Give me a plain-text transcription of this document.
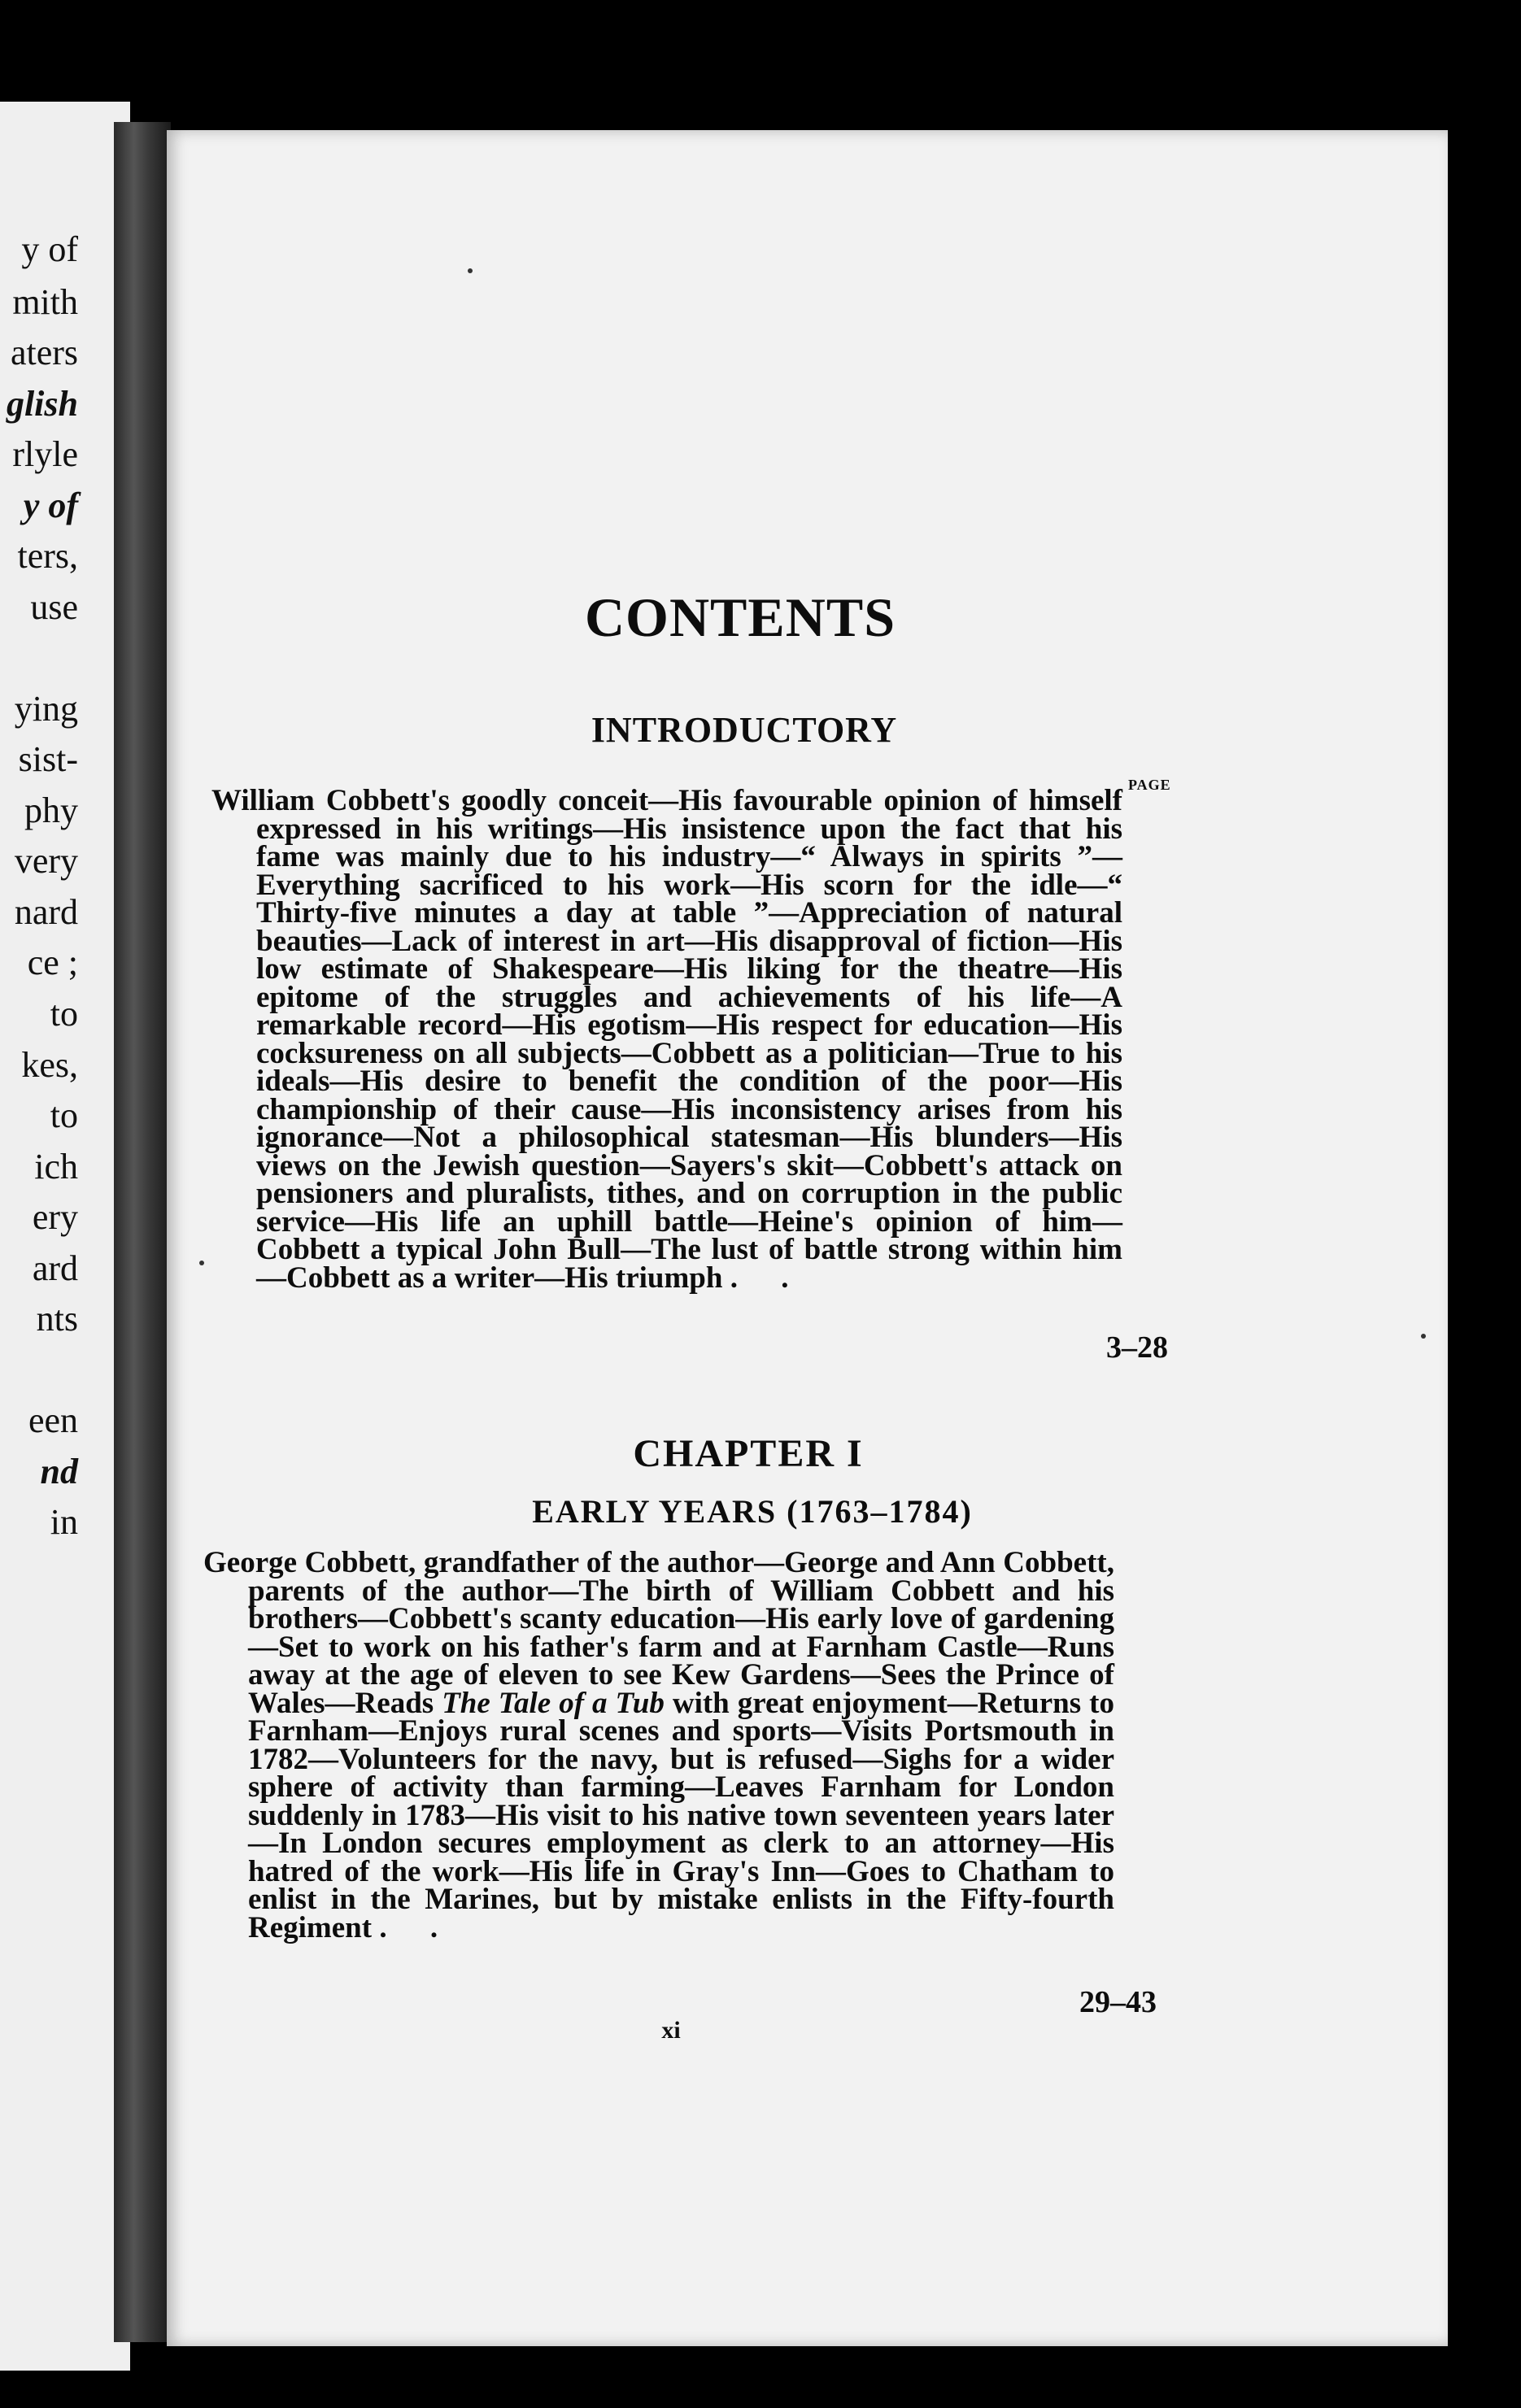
y of
mith
aters
glish
rlyle
y of
ters,
use
ying
sist-
phy
very
nard
ce ;
to
kes,
to
ich
ery
ard
nts
een
nd
in
CONTENTS
INTRODUCTORY
PAGE
William Cobbett's goodly conceit—His favourable opinion of himself expressed in his writings—His insistence upon the fact that his fame was mainly due to his industry—“ Always in spirits ”—Everything sacrificed to his work—His scorn for the idle—“ Thirty-five minutes a day at table ”—Appreciation of natural beauties—Lack of interest in art—His disapproval of fiction—His low estimate of Shakespeare—His liking for the theatre—His epitome of the struggles and achievements of his life—A remarkable record—His egotism—His respect for education—His cocksureness on all subjects—Cobbett as a politician—True to his ideals—His desire to benefit the condition of the poor—His championship of their cause—His inconsistency arises from his ignorance—Not a philosophical statesman—His blunders—His views on the Jewish question—Sayers's skit—Cobbett's attack on pensioners and pluralists, tithes, and on corruption in the public service—His life an uphill battle—Heine's opinion of him—Cobbett a typical John Bull—The lust of battle strong within him—Cobbett as a writer—His triumph . .
3–28
CHAPTER I
EARLY YEARS (1763–1784)
George Cobbett, grandfather of the author—George and Ann Cobbett, parents of the author—The birth of William Cobbett and his brothers—Cobbett's scanty education—His early love of gardening—Set to work on his father's farm and at Farnham Castle—Runs away at the age of eleven to see Kew Gardens—Sees the Prince of Wales—Reads The Tale of a Tub with great enjoyment—Returns to Farnham—Enjoys rural scenes and sports—Visits Portsmouth in 1782—Volunteers for the navy, but is refused—Sighs for a wider sphere of activity than farming—Leaves Farnham for London suddenly in 1783—His visit to his native town seventeen years later—In London secures employment as clerk to an attorney—His hatred of the work—His life in Gray's Inn—Goes to Chatham to enlist in the Marines, but by mistake enlists in the Fifty-fourth Regiment . .
29–43
xi
